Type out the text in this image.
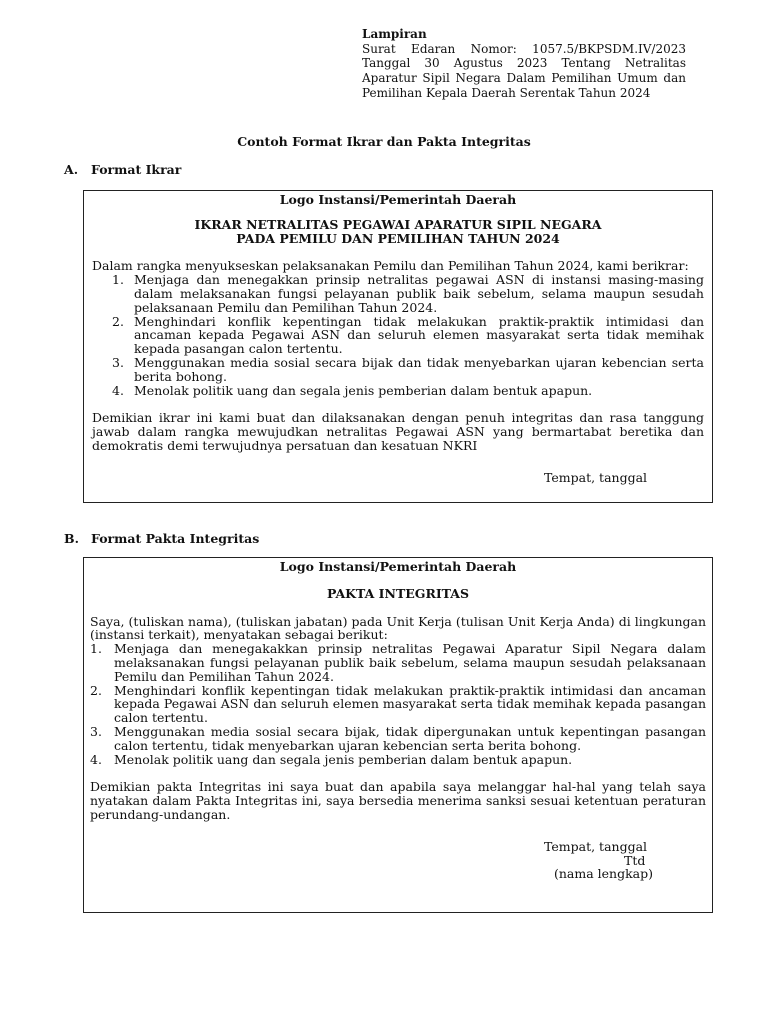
Lampiran
Surat Edaran Nomor: 1057.5/BKPSDM.IV/2023
Tanggal 30 Agustus 2023 Tentang Netralitas
Aparatur Sipil Negara Dalam Pemilihan Umum dan
Pemilihan Kepala Daerah Serentak Tahun 2024
Contoh Format Ikrar dan Pakta Integritas
A. Format Ikrar
Logo Instansi/Pemerintah Daerah
IKRAR NETRALITAS PEGAWAI APARATUR SIPIL NEGARA
PADA PEMILU DAN PEMILIHAN TAHUN 2024

Dalam rangka menyukseskan pelaksanakan Pemilu dan Pemilihan Tahun 2024, kami berikrar:

1. Menjaga dan menegakkan prinsip netralitas pegawai ASN di instansi masing-masing dalam melaksanakan fungsi pelayanan publik baik sebelum, selama maupun sesudah pelaksanaan Pemilu dan Pemilihan Tahun 2024.
2. Menghindari konflik kepentingan tidak melakukan praktik-praktik intimidasi dan ancaman kepada Pegawai ASN dan seluruh elemen masyarakat serta tidak memihak kepada pasangan calon tertentu.
3. Menggunakan media sosial secara bijak dan tidak menyebarkan ujaran kebencian serta berita bohong.
4. Menolak politik uang dan segala jenis pemberian dalam bentuk apapun.

Demikian ikrar ini kami buat dan dilaksanakan dengan penuh integritas dan rasa tanggung jawab dalam rangka mewujudkan netralitas Pegawai ASN yang bermartabat beretika dan demokratis demi terwujudnya persatuan dan kesatuan NKRI

Tempat, tanggal
B. Format Pakta Integritas
Logo Instansi/Pemerintah Daerah
PAKTA INTEGRITAS

Saya, (tuliskan nama), (tuliskan jabatan) pada Unit Kerja (tulisan Unit Kerja Anda) di lingkungan (instansi terkait), menyatakan sebagai berikut:

1. Menjaga dan menegakakkan prinsip netralitas Pegawai Aparatur Sipil Negara dalam melaksanakan fungsi pelayanan publik baik sebelum, selama maupun sesudah pelaksanaan Pemilu dan Pemilihan Tahun 2024.
2. Menghindari konflik kepentingan tidak melakukan praktik-praktik intimidasi dan ancaman kepada Pegawai ASN dan seluruh elemen masyarakat serta tidak memihak kepada pasangan calon tertentu.
3. Menggunakan media sosial secara bijak, tidak dipergunakan untuk kepentingan pasangan calon tertentu, tidak menyebarkan ujaran kebencian serta berita bohong.
4. Menolak politik uang dan segala jenis pemberian dalam bentuk apapun.

Demikian pakta Integritas ini saya buat dan apabila saya melanggar hal-hal yang telah saya nyatakan dalam Pakta Integritas ini, saya bersedia menerima sanksi sesuai ketentuan peraturan perundang-undangan.

Tempat, tanggal
Ttd
(nama lengkap)
